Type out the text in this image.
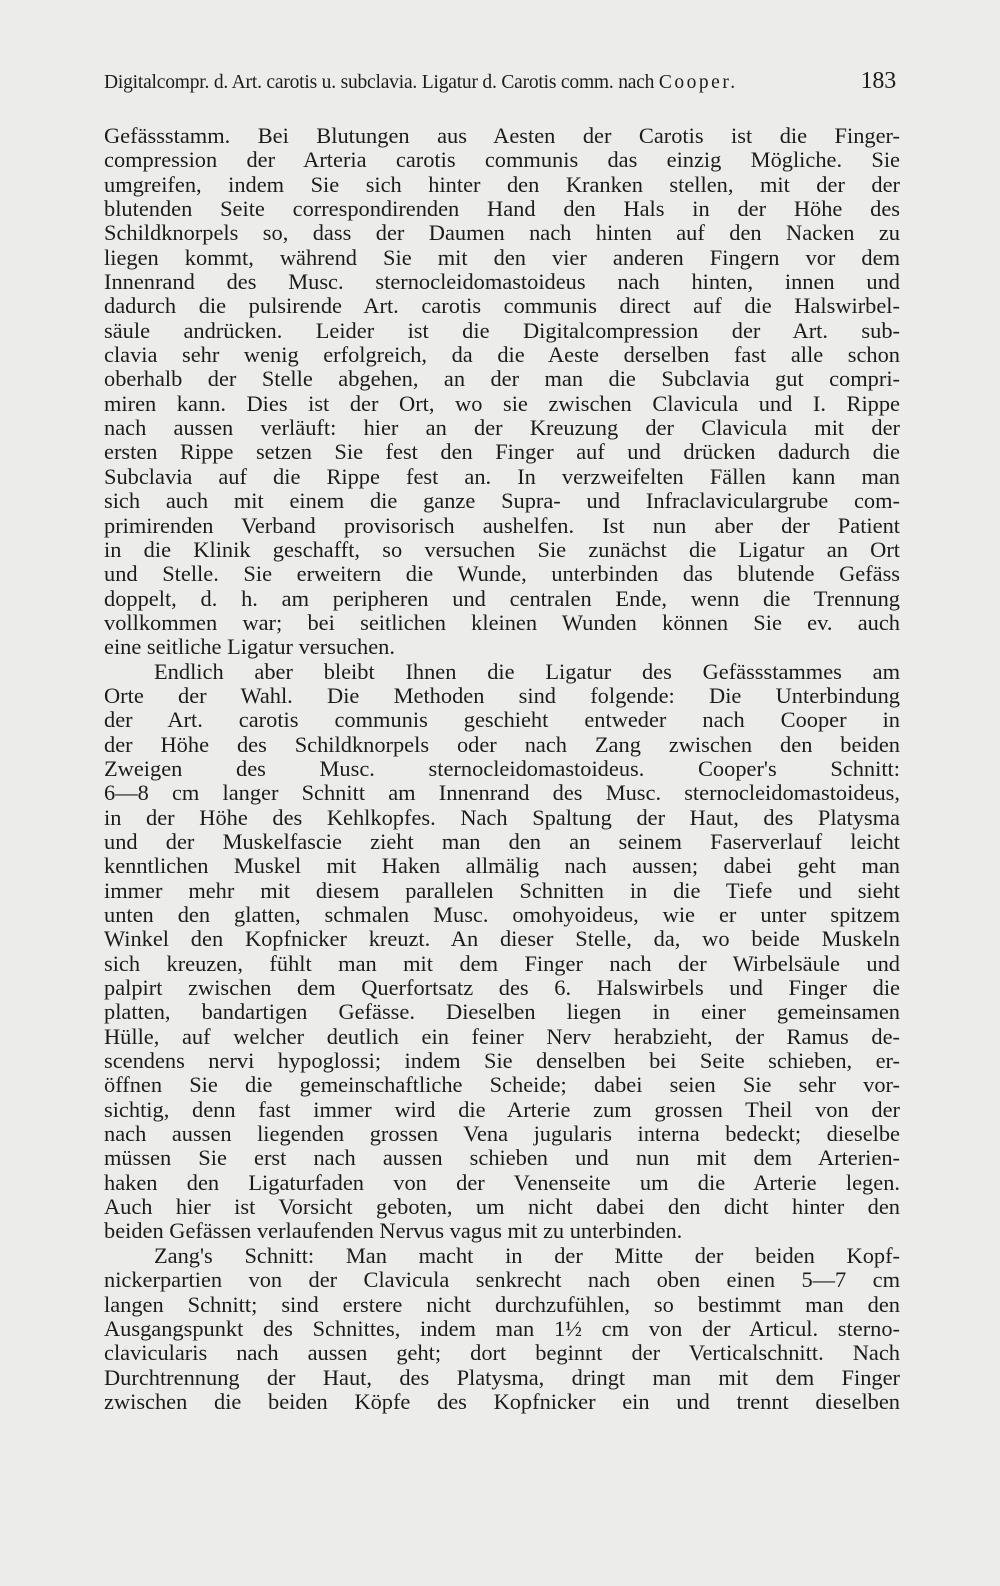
Digitalcompr. d. Art. carotis u. subclavia. Ligatur d. Carotis comm. nach Cooper.	183
Gefässstamm. Bei Blutungen aus Aesten der Carotis ist die Finger-
compression der Arteria carotis communis das einzig Mögliche. Sie
umgreifen, indem Sie sich hinter den Kranken stellen, mit der der
blutenden Seite correspondirenden Hand den Hals in der Höhe des
Schildknorpels so, dass der Daumen nach hinten auf den Nacken zu
liegen kommt, während Sie mit den vier anderen Fingern vor dem
Innenrand des Musc. sternocleidomastoideus nach hinten, innen und
dadurch die pulsirende Art. carotis communis direct auf die Halswirbel-
säule andrücken. Leider ist die Digitalcompression der Art. sub-
clavia sehr wenig erfolgreich, da die Aeste derselben fast alle schon
oberhalb der Stelle abgehen, an der man die Subclavia gut compri-
miren kann. Dies ist der Ort, wo sie zwischen Clavicula und I. Rippe
nach aussen verläuft: hier an der Kreuzung der Clavicula mit der
ersten Rippe setzen Sie fest den Finger auf und drücken dadurch die
Subclavia auf die Rippe fest an. In verzweifelten Fällen kann man
sich auch mit einem die ganze Supra- und Infraclaviculargrube com-
primirenden Verband provisorisch aushelfen. Ist nun aber der Patient
in die Klinik geschafft, so versuchen Sie zunächst die Ligatur an Ort
und Stelle. Sie erweitern die Wunde, unterbinden das blutende Gefäss
doppelt, d. h. am peripheren und centralen Ende, wenn die Trennung
vollkommen war; bei seitlichen kleinen Wunden können Sie ev. auch
eine seitliche Ligatur versuchen.
Endlich aber bleibt Ihnen die Ligatur des Gefässstammes am
Orte der Wahl. Die Methoden sind folgende: Die Unterbindung
der Art. carotis communis geschieht entweder nach Cooper in
der Höhe des Schildknorpels oder nach Zang zwischen den beiden
Zweigen des Musc. sternocleidomastoideus. Cooper's Schnitt:
6—8 cm langer Schnitt am Innenrand des Musc. sternocleidomastoideus,
in der Höhe des Kehlkopfes. Nach Spaltung der Haut, des Platysma
und der Muskelfascie zieht man den an seinem Faserverlauf leicht
kenntlichen Muskel mit Haken allmälig nach aussen; dabei geht man
immer mehr mit diesem parallelen Schnitten in die Tiefe und sieht
unten den glatten, schmalen Musc. omohyoideus, wie er unter spitzem
Winkel den Kopfnicker kreuzt. An dieser Stelle, da, wo beide Muskeln
sich kreuzen, fühlt man mit dem Finger nach der Wirbelsäule und
palpirt zwischen dem Querfortsatz des 6. Halswirbels und Finger die
platten, bandartigen Gefässe. Dieselben liegen in einer gemeinsamen
Hülle, auf welcher deutlich ein feiner Nerv herabzieht, der Ramus de-
scendens nervi hypoglossi; indem Sie denselben bei Seite schieben, er-
öffnen Sie die gemeinschaftliche Scheide; dabei seien Sie sehr vor-
sichtig, denn fast immer wird die Arterie zum grossen Theil von der
nach aussen liegenden grossen Vena jugularis interna bedeckt; dieselbe
müssen Sie erst nach aussen schieben und nun mit dem Arterien-
haken den Ligaturfaden von der Venenseite um die Arterie legen.
Auch hier ist Vorsicht geboten, um nicht dabei den dicht hinter den
beiden Gefässen verlaufenden Nervus vagus mit zu unterbinden.
Zang's Schnitt: Man macht in der Mitte der beiden Kopf-
nickerpartien von der Clavicula senkrecht nach oben einen 5—7 cm
langen Schnitt; sind erstere nicht durchzufühlen, so bestimmt man den
Ausgangspunkt des Schnittes, indem man 1½ cm von der Articul. sterno-
clavicularis nach aussen geht; dort beginnt der Verticalschnitt. Nach
Durchtrennung der Haut, des Platysma, dringt man mit dem Finger
zwischen die beiden Köpfe des Kopfnicker ein und trennt dieselben
